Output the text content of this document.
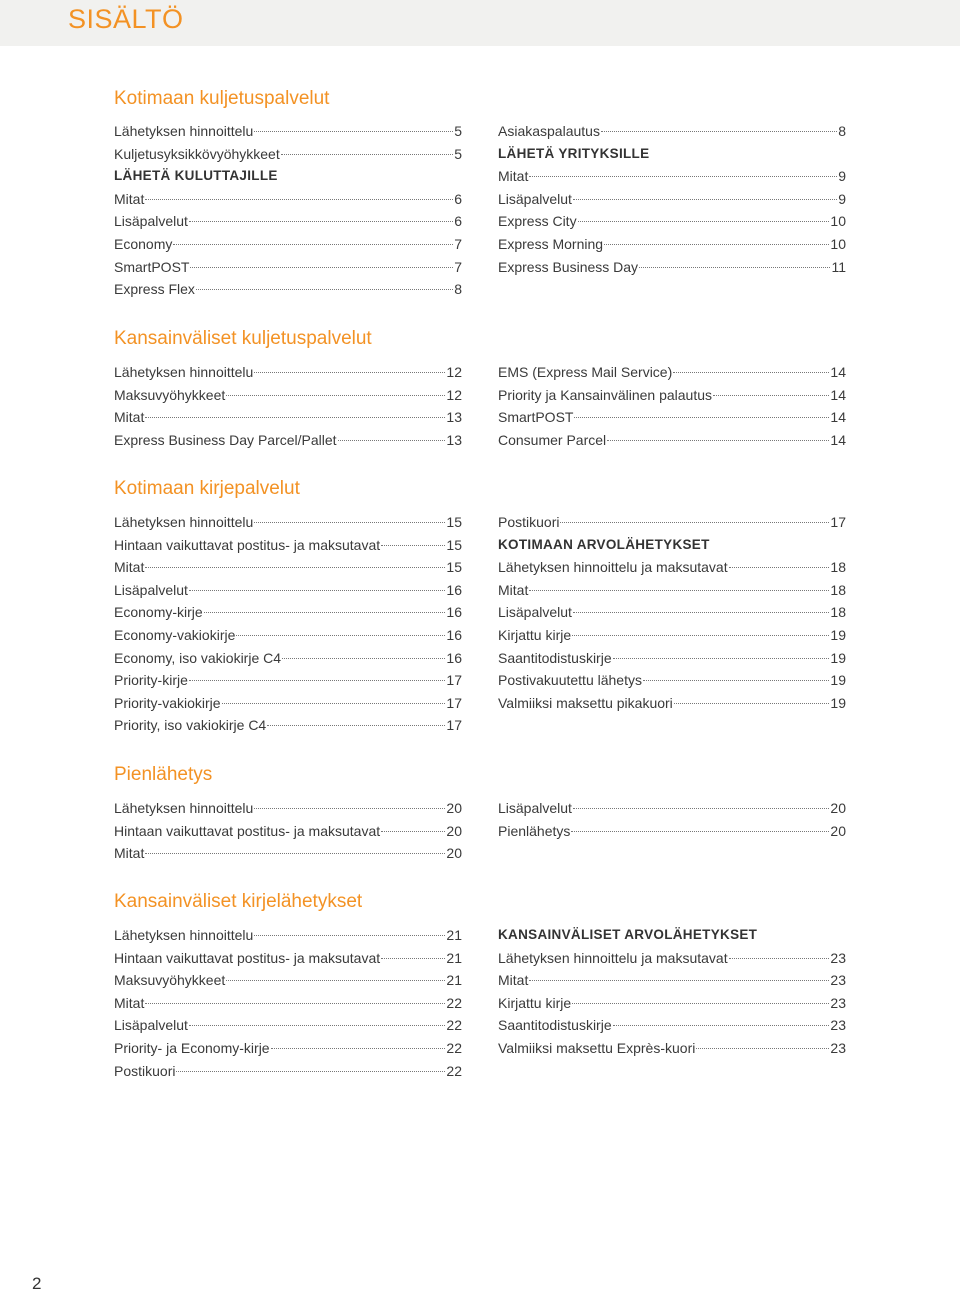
SISÄLTÖ
Kotimaan kuljetuspalvelut
Lähetyksen hinnoittelu	5
Kuljetusyksikkövyöhykkeet	5
LÄHETÄ KULUTTAJILLE
Mitat	6
Lisäpalvelut	6
Economy	7
SmartPOST	7
Express Flex	8
Asiakaspalautus	8
LÄHETÄ YRITYKSILLE
Mitat	9
Lisäpalvelut	9
Express City	10
Express Morning	10
Express Business Day	11
Kansainväliset kuljetuspalvelut
Lähetyksen hinnoittelu	12
Maksuvyöhykkeet	12
Mitat	13
Express Business Day Parcel/Pallet	13
EMS (Express Mail Service)	14
Priority ja Kansainvälinen palautus	14
SmartPOST	14
Consumer Parcel	14
Kotimaan kirjepalvelut
Lähetyksen hinnoittelu	15
Hintaan vaikuttavat postitus- ja maksutavat	15
Mitat	15
Lisäpalvelut	16
Economy-kirje	16
Economy-vakiokirje	16
Economy, iso vakiokirje C4	16
Priority-kirje	17
Priority-vakiokirje	17
Priority, iso vakiokirje C4	17
Postikuori	17
KOTIMAAN ARVOLÄHETYKSET
Lähetyksen hinnoittelu ja maksutavat	18
Mitat	18
Lisäpalvelut	18
Kirjattu kirje	19
Saantitodistuskirje	19
Postivakuutettu lähetys	19
Valmiiksi maksettu pikakuori	19
Pienlähetys
Lähetyksen hinnoittelu	20
Hintaan vaikuttavat postitus- ja maksutavat	20
Mitat	20
Lisäpalvelut	20
Pienlähetys	20
Kansainväliset kirjelähetykset
Lähetyksen hinnoittelu	21
Hintaan vaikuttavat postitus- ja maksutavat	21
Maksuvyöhykkeet	21
Mitat	22
Lisäpalvelut	22
Priority- ja Economy-kirje	22
Postikuori	22
KANSAINVÄLISET ARVOLÄHETYKSET
Lähetyksen hinnoittelu ja maksutavat	23
Mitat	23
Kirjattu kirje	23
Saantitodistuskirje	23
Valmiiksi maksettu Exprès-kuori	23
2
